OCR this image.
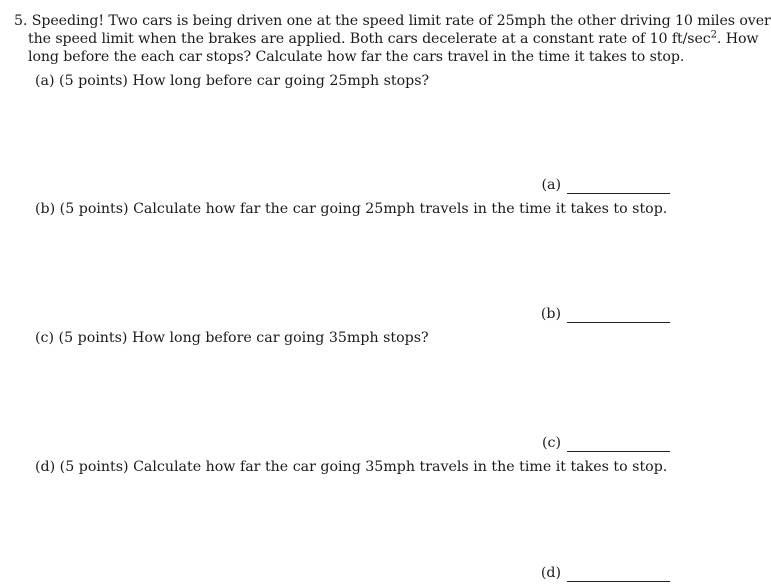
5. Speeding! Two cars is being driven one at the speed limit rate of 25mph the other driving 10 miles over
the speed limit when the brakes are applied. Both cars decelerate at a constant rate of 10 $ft/\sec^2$. How
long before the each car stops? Calculate how far the cars travel in the time it takes to stop.
(a) (5 points) How long before car going 25mph stops?
(a)
(b) (5 points) Calculate how far the car going 25mph travels in the time it takes to stop.
(b)
(c) (5 points) How long before car going 35mph stops?
(c)
(d) (5 points) Calculate how far the car going 35mph travels in the time it takes to stop.
(d)
